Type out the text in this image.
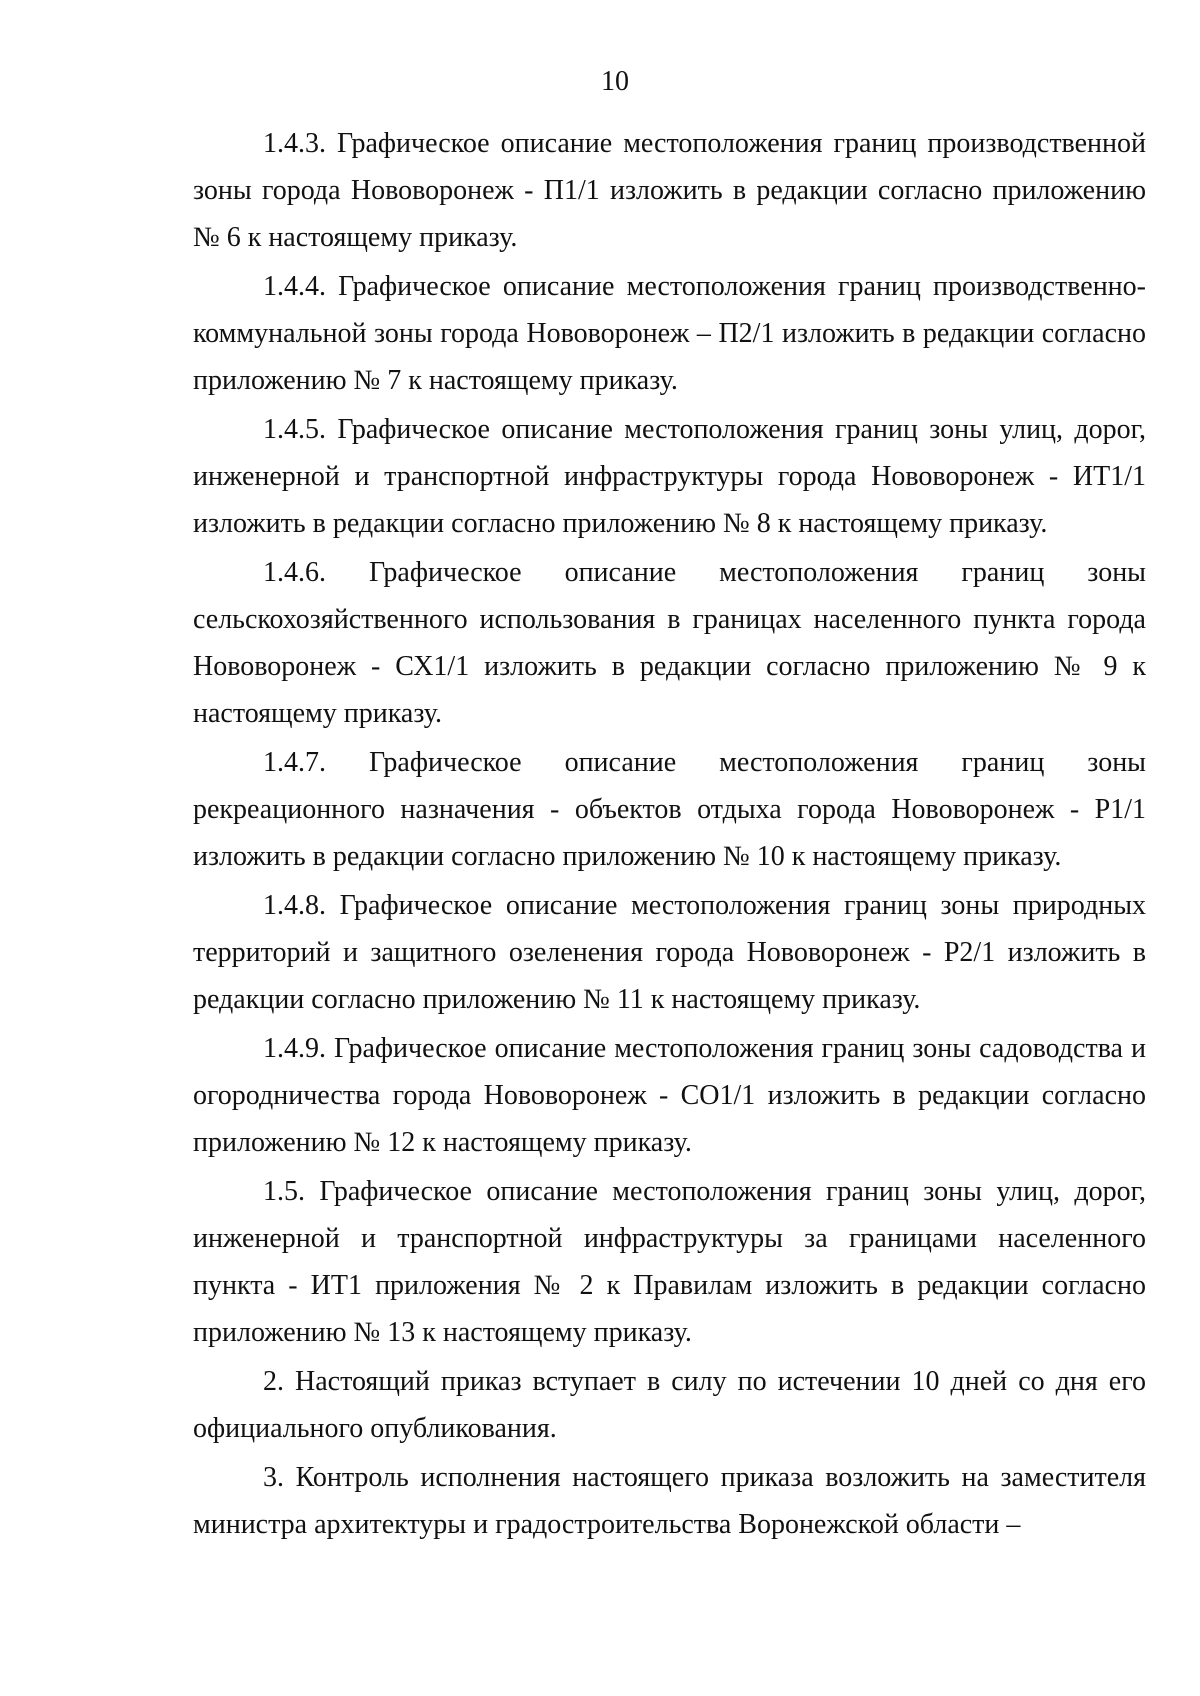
10

1.4.3. Графическое описание местоположения границ производственной зоны города Нововоронеж - П1/1 изложить в редакции согласно приложению № 6 к настоящему приказу.

1.4.4. Графическое описание местоположения границ производственно-коммунальной зоны города Нововоронеж – П2/1 изложить в редакции согласно приложению № 7 к настоящему приказу.

1.4.5. Графическое описание местоположения границ зоны улиц, дорог, инженерной и транспортной инфраструктуры города Нововоронеж - ИТ1/1 изложить в редакции согласно приложению № 8 к настоящему приказу.

1.4.6. Графическое описание местоположения границ зоны сельскохозяйственного использования в границах населенного пункта города Нововоронеж - СХ1/1 изложить в редакции согласно приложению № 9 к настоящему приказу.

1.4.7. Графическое описание местоположения границ зоны рекреационного назначения - объектов отдыха города Нововоронеж - Р1/1 изложить в редакции согласно приложению № 10 к настоящему приказу.

1.4.8. Графическое описание местоположения границ зоны природных территорий и защитного озеленения города Нововоронеж - Р2/1 изложить в редакции согласно приложению № 11 к настоящему приказу.

1.4.9. Графическое описание местоположения границ зоны садоводства и огородничества города Нововоронеж - СО1/1 изложить в редакции согласно приложению № 12 к настоящему приказу.

1.5. Графическое описание местоположения границ зоны улиц, дорог, инженерной и транспортной инфраструктуры за границами населенного пункта - ИТ1 приложения № 2 к Правилам изложить в редакции согласно приложению № 13 к настоящему приказу.

2. Настоящий приказ вступает в силу по истечении 10 дней со дня его официального опубликования.

3. Контроль исполнения настоящего приказа возложить на заместителя министра архитектуры и градостроительства Воронежской области –
